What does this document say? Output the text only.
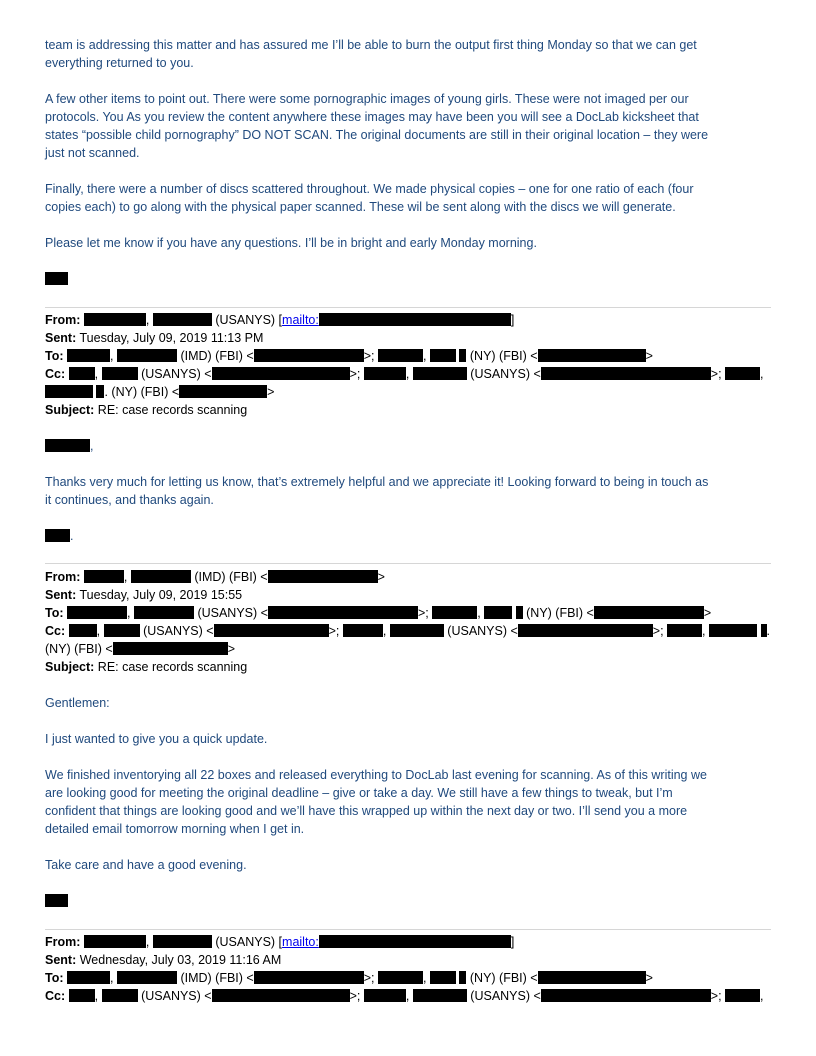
team is addressing this matter and has assured me I’ll be able to burn the output first thing Monday so that we can get
everything returned to you.
A few other items to point out. There were some pornographic images of young girls. These were not imaged per our
protocols. You As you review the content anywhere these images may have been you will see a DocLab kicksheet that
states “possible child pornography” DO NOT SCAN. The original documents are still in their original location – they were
just not scanned.
Finally, there were a number of discs scattered throughout. We made physical copies – one for one ratio of each (four
copies each) to go along with the physical paper scanned. These wil be sent along with the discs we will generate.
Please let me know if you have any questions. I’ll be in bright and early Monday morning.
From:	,	(USANYS) [mailto:	]
Sent: Tuesday, July 09, 2019 11:13 PM
To:	,	(IMD) (FBI) <	>;	,	(NY) (FBI) <	>
Cc: ,	(USANYS) <	>;	,	(USANYS) <	>;	,
. (NY) (FBI) <	>
Subject: RE: case records scanning
,
Thanks very much for letting us know, that’s extremely helpful and we appreciate it! Looking forward to being in touch as
it continues, and thanks again.
.
From:	,	(IMD) (FBI) <	>
Sent: Tuesday, July 09, 2019 15:55
To:	,	(USANYS) <	>;	,	(NY) (FBI) <	>
Cc:	,	(USANYS) <	>;	,	(USANYS) <	>;	,	.
(NY) (FBI) <	>
Subject: RE: case records scanning
Gentlemen:
I just wanted to give you a quick update.
We finished inventorying all 22 boxes and released everything to DocLab last evening for scanning. As of this writing we
are looking good for meeting the original deadline – give or take a day. We still have a few things to tweak, but I’m
confident that things are looking good and we’ll have this wrapped up within the next day or two. I’ll send you a more
detailed email tomorrow morning when I get in.
Take care and have a good evening.
From:	,	(USANYS) [mailto:	]
Sent: Wednesday, July 03, 2019 11:16 AM
To:	,	(IMD) (FBI) <	>;	,	(NY) (FBI) <	>
Cc: ,	(USANYS) <	>;	,	(USANYS) <	>;	,
